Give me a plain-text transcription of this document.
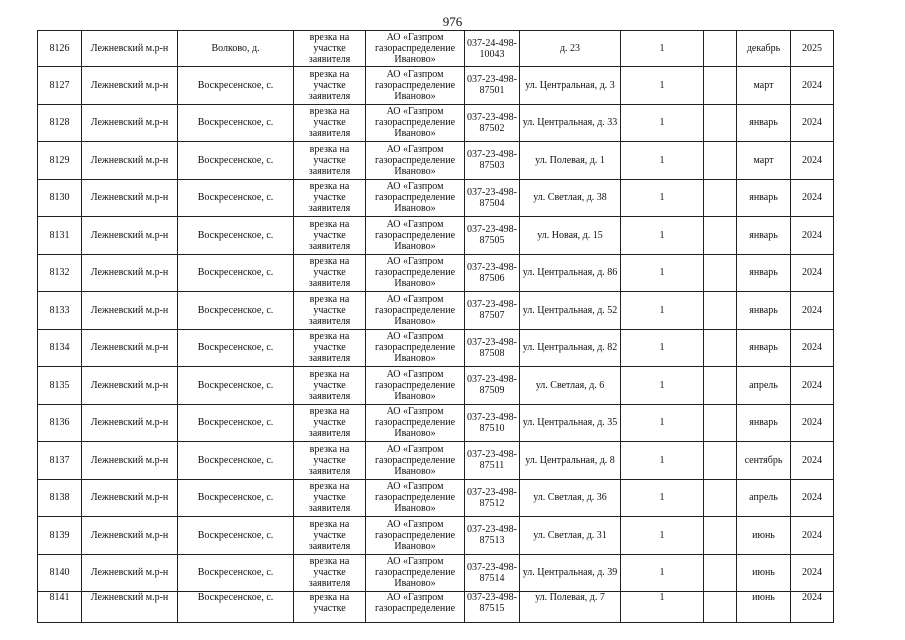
976
8126	Лежневский м.р-н	Волково, д.	врезка на участке заявителя	АО «Газпром газораспределение Иваново»	037-24-498-10043	д. 23	1		декабрь	2025
8127	Лежневский м.р-н	Воскресенское, с.	врезка на участке заявителя	АО «Газпром газораспределение Иваново»	037-23-498-87501	ул. Центральная, д. 3	1		март	2024
8128	Лежневский м.р-н	Воскресенское, с.	врезка на участке заявителя	АО «Газпром газораспределение Иваново»	037-23-498-87502	ул. Центральная, д. 33	1		январь	2024
8129	Лежневский м.р-н	Воскресенское, с.	врезка на участке заявителя	АО «Газпром газораспределение Иваново»	037-23-498-87503	ул. Полевая, д. 1	1		март	2024
8130	Лежневский м.р-н	Воскресенское, с.	врезка на участке заявителя	АО «Газпром газораспределение Иваново»	037-23-498-87504	ул. Светлая, д. 38	1		январь	2024
8131	Лежневский м.р-н	Воскресенское, с.	врезка на участке заявителя	АО «Газпром газораспределение Иваново»	037-23-498-87505	ул. Новая, д. 15	1		январь	2024
8132	Лежневский м.р-н	Воскресенское, с.	врезка на участке заявителя	АО «Газпром газораспределение Иваново»	037-23-498-87506	ул. Центральная, д. 86	1		январь	2024
8133	Лежневский м.р-н	Воскресенское, с.	врезка на участке заявителя	АО «Газпром газораспределение Иваново»	037-23-498-87507	ул. Центральная, д. 52	1		январь	2024
8134	Лежневский м.р-н	Воскресенское, с.	врезка на участке заявителя	АО «Газпром газораспределение Иваново»	037-23-498-87508	ул. Центральная, д. 82	1		январь	2024
8135	Лежневский м.р-н	Воскресенское, с.	врезка на участке заявителя	АО «Газпром газораспределение Иваново»	037-23-498-87509	ул. Светлая, д. 6	1		апрель	2024
8136	Лежневский м.р-н	Воскресенское, с.	врезка на участке заявителя	АО «Газпром газораспределение Иваново»	037-23-498-87510	ул. Центральная, д. 35	1		январь	2024
8137	Лежневский м.р-н	Воскресенское, с.	врезка на участке заявителя	АО «Газпром газораспределение Иваново»	037-23-498-87511	ул. Центральная, д. 8	1		сентябрь	2024
8138	Лежневский м.р-н	Воскресенское, с.	врезка на участке заявителя	АО «Газпром газораспределение Иваново»	037-23-498-87512	ул. Светлая, д. 36	1		апрель	2024
8139	Лежневский м.р-н	Воскресенское, с.	врезка на участке заявителя	АО «Газпром газораспределение Иваново»	037-23-498-87513	ул. Светлая, д. 31	1		июнь	2024
8140	Лежневский м.р-н	Воскресенское, с.	врезка на участке заявителя	АО «Газпром газораспределение Иваново»	037-23-498-87514	ул. Центральная, д. 39	1		июнь	2024
8141	Лежневский м.р-н	Воскресенское, с.	врезка на участке	АО «Газпром газораспределение	037-23-498-87515	ул. Полевая, д. 7	1		июнь	2024
